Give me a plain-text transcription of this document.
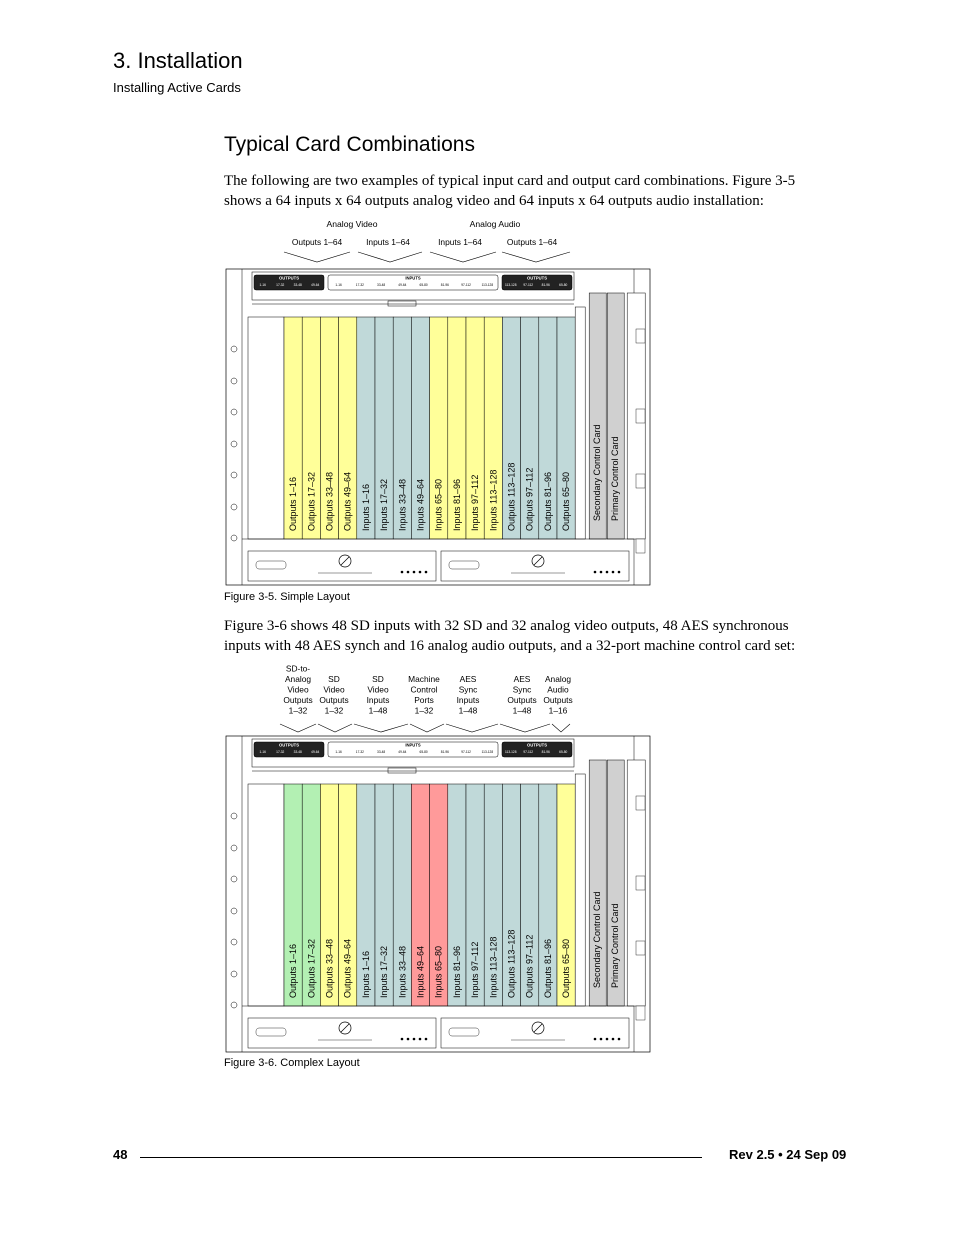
3. Installation
Installing Active Cards
Typical Card Combinations
The following are two examples of typical input card and output card combinations. Figure 3-5 shows a 64 inputs x 64 outputs analog video and 64 inputs x 64 outputs audio installation:
Analog Video	Analog Audio
Outputs 1–64	Inputs 1–64	Inputs 1–64	Outputs 1–64
OUTPUTS
1-16	17-32	33-48	49-64
INPUTS
1-16	17-32	33-48	49-64	65-80	81-96	97-112	113-128
OUTPUTS
113-128 97-112	81-96	65-80
Outputs 1–16 Outputs 17–32 Outputs 33–48 Outputs 49–64 Inputs 1–16 Inputs 17–32 Inputs 33–48 Inputs 49–64 Inputs 65–80 Inputs 81–96 Inputs 97–112 Inputs 113–128 Outputs 113–128 Outputs 97–112 Outputs 81–96 Outputs 65–80 Secondary Control Card Primary Control Card
Figure 3-5. Simple Layout
Figure 3-6 shows 48 SD inputs with 32 SD and 32 analog video outputs, 48 AES synchronous inputs with 48 AES synch and 16 analog audio outputs, and a 32-port machine control card set:
SD-to-Analog Video Outputs 1–32
SD Video Outputs 1–32
SD Video Inputs 1–48
Machine Control Ports 1–32
AES Sync Inputs 1–48
AES Sync Outputs 1–48
Analog Audio Outputs 1–16
OUTPUTS
1-16	17-32	33-48	49-64
INPUTS
1-16	17-32	33-48	49-64	65-80	81-96	97-112	113-128
OUTPUTS
113-128 97-112	81-96	65-80
Outputs 1–16 Outputs 17–32 Outputs 33–48 Outputs 49–64 Inputs 1–16 Inputs 17–32 Inputs 33–48 Inputs 49–64 Inputs 65–80 Inputs 81–96 Inputs 97–112 Inputs 113–128 Outputs 113–128 Outputs 97–112 Outputs 81–96 Outputs 65–80 Secondary Control Card Primary Control Card
Figure 3-6. Complex Layout
48	Rev 2.5 • 24 Sep 09
